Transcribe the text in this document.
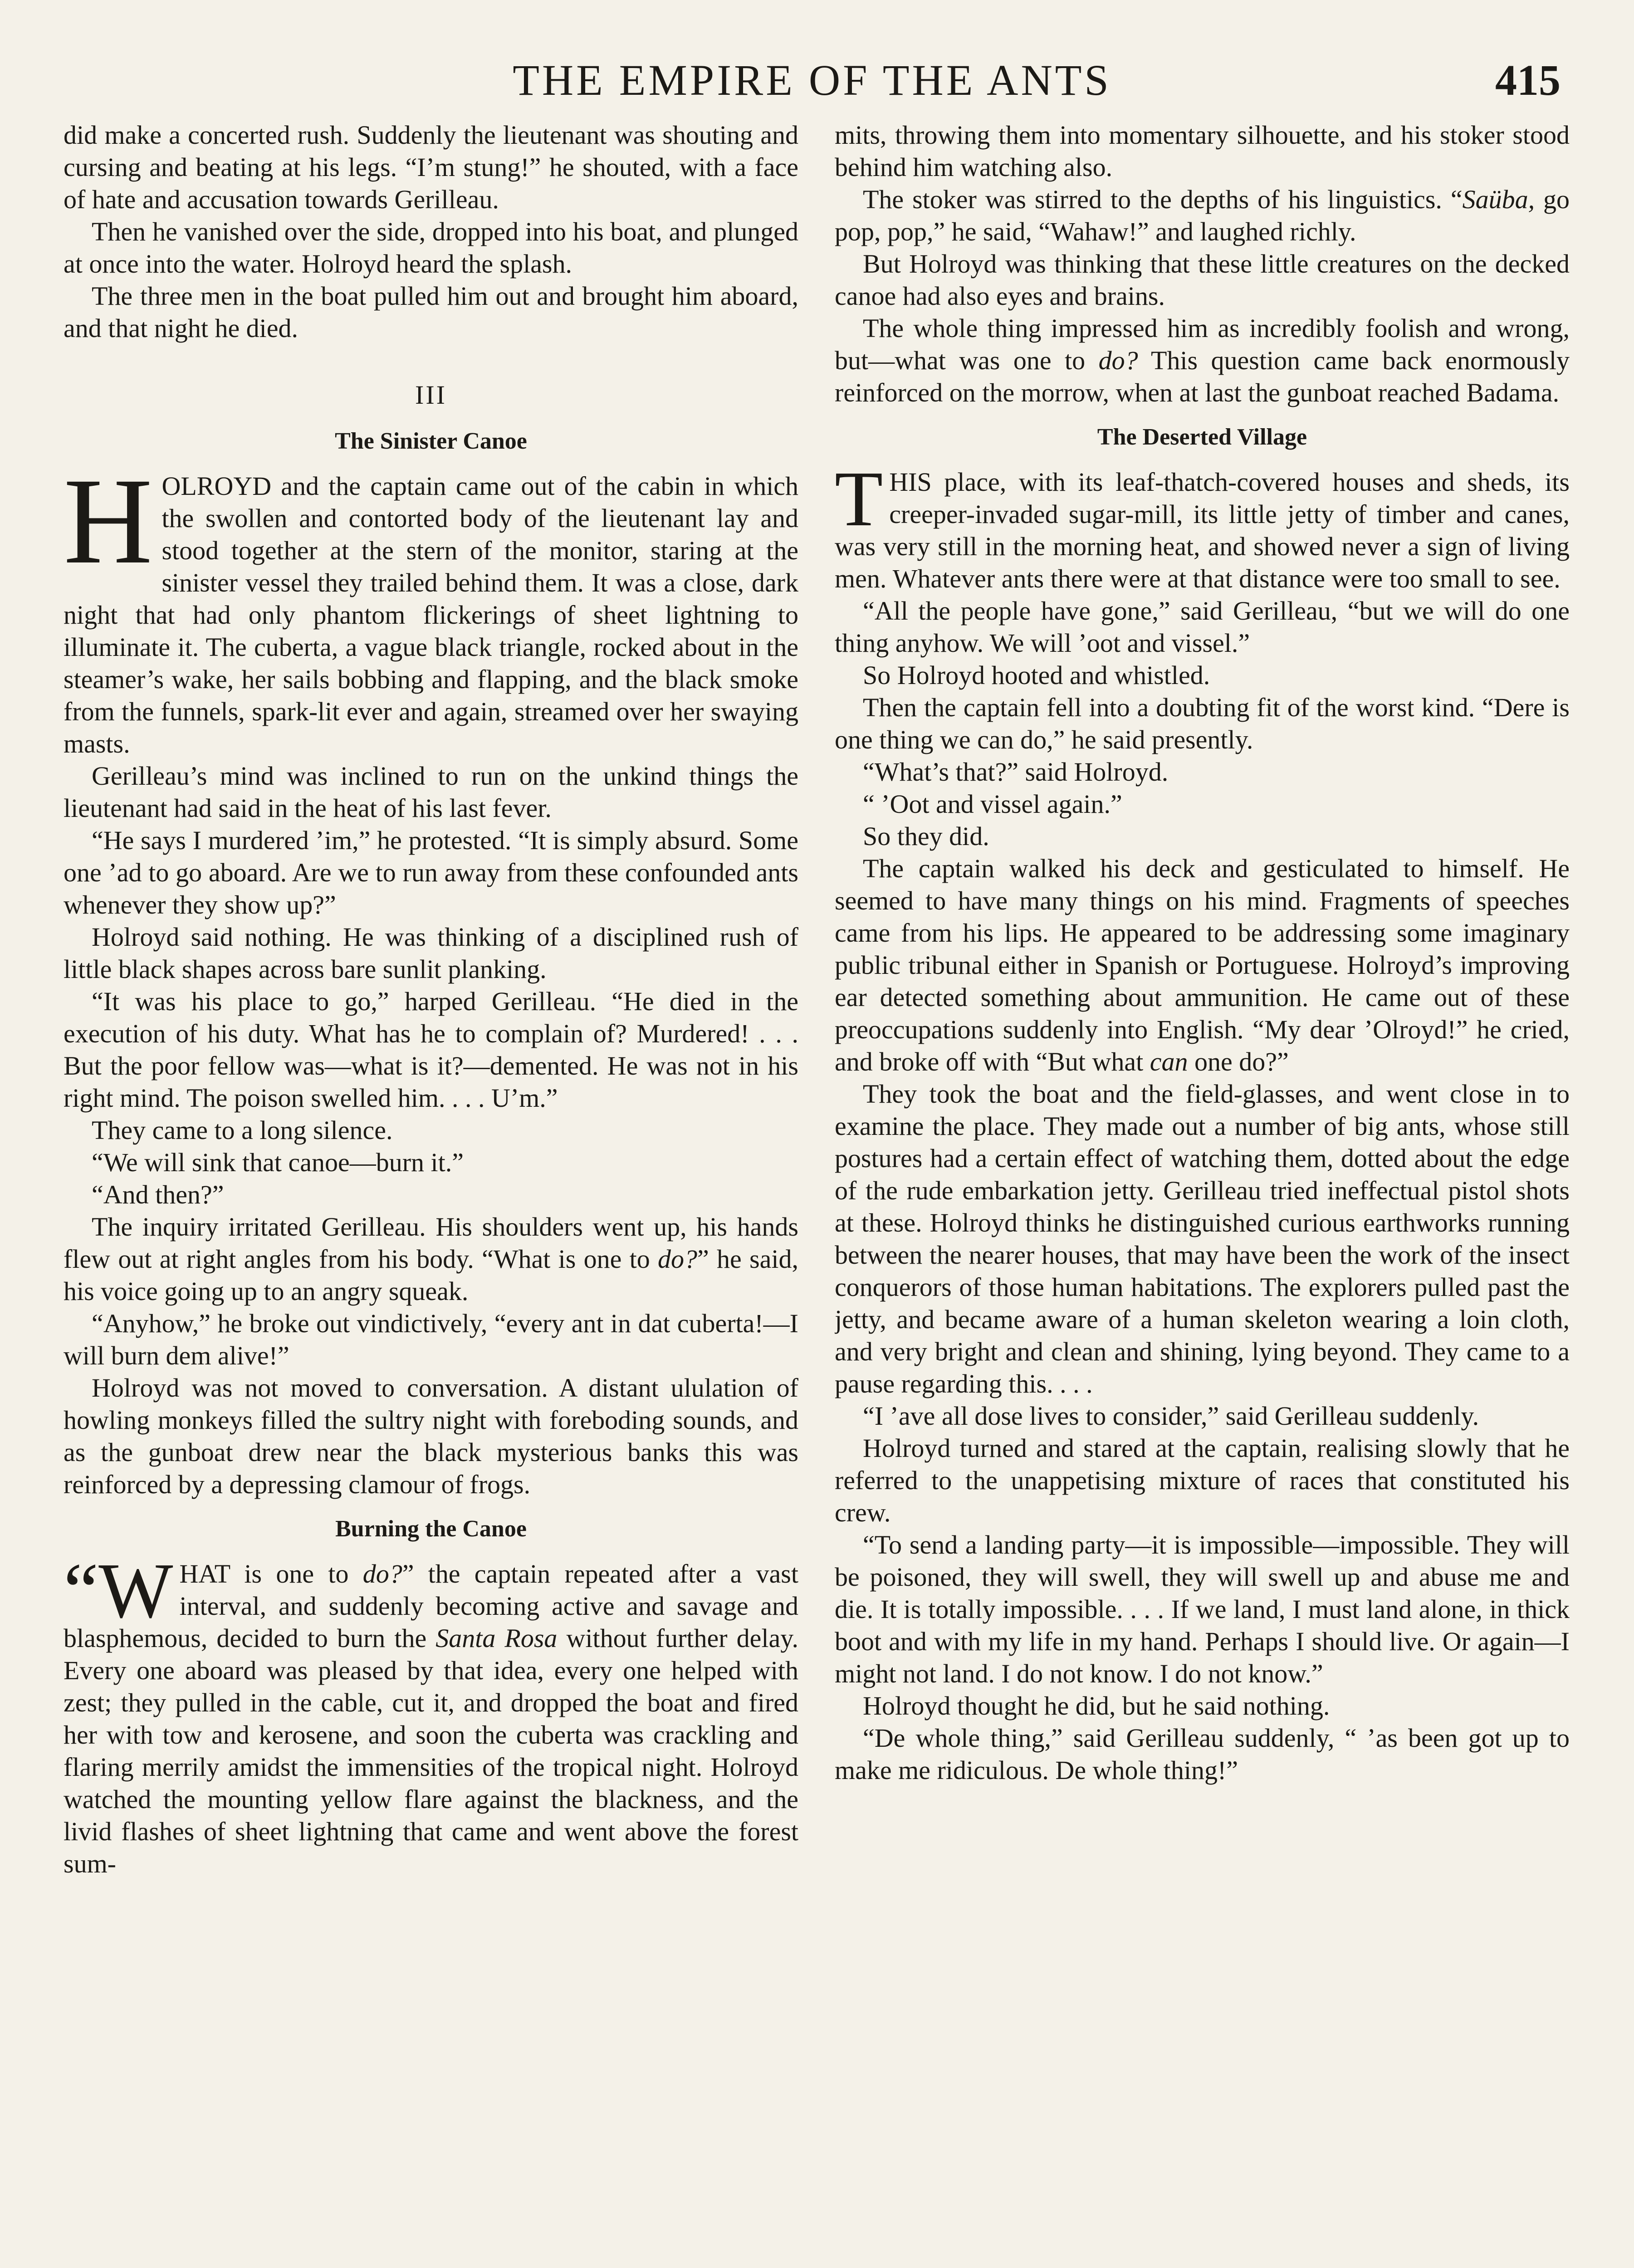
THE EMPIRE OF THE ANTS	415

did make a concerted rush. Suddenly the lieutenant was shouting and cursing and beating at his legs. “I’m stung!” he shouted, with a face of hate and accusation towards Gerilleau.

Then he vanished over the side, dropped into his boat, and plunged at once into the water. Holroyd heard the splash.

The three men in the boat pulled him out and brought him aboard, and that night he died.

III
The Sinister Canoe

HOLROYD and the captain came out of the cabin in which the swollen and contorted body of the lieutenant lay and stood together at the stern of the monitor, staring at the sinister vessel they trailed behind them. It was a close, dark night that had only phantom flickerings of sheet lightning to illuminate it. The cuberta, a vague black triangle, rocked about in the steamer’s wake, her sails bobbing and flapping, and the black smoke from the funnels, spark-lit ever and again, streamed over her swaying masts.

Gerilleau’s mind was inclined to run on the unkind things the lieutenant had said in the heat of his last fever.

“He says I murdered ’im,” he protested. “It is simply absurd. Some one ’ad to go aboard. Are we to run away from these confounded ants whenever they show up?”

Holroyd said nothing. He was thinking of a disciplined rush of little black shapes across bare sunlit planking.

“It was his place to go,” harped Gerilleau. “He died in the execution of his duty. What has he to complain of? Murdered! . . . But the poor fellow was—what is it?—demented. He was not in his right mind. The poison swelled him. . . . U’m.”

They came to a long silence.

“We will sink that canoe—burn it.”

“And then?”

The inquiry irritated Gerilleau. His shoulders went up, his hands flew out at right angles from his body. “What is one to do?” he said, his voice going up to an angry squeak.

“Anyhow,” he broke out vindictively, “every ant in dat cuberta!—I will burn dem alive!”

Holroyd was not moved to conversation. A distant ululation of howling monkeys filled the sultry night with foreboding sounds, and as the gunboat drew near the black mysterious banks this was reinforced by a depressing clamour of frogs.

Burning the Canoe

“WHAT is one to do?” the captain repeated after a vast interval, and suddenly becoming active and savage and blasphemous, decided to burn the Santa Rosa without further delay. Every one aboard was pleased by that idea, every one helped with zest; they pulled in the cable, cut it, and dropped the boat and fired her with tow and kerosene, and soon the cuberta was crackling and flaring merrily amidst the immensities of the tropical night. Holroyd watched the mounting yellow flare against the blackness, and the livid flashes of sheet lightning that came and went above the forest sum-

mits, throwing them into momentary silhouette, and his stoker stood behind him watching also.

The stoker was stirred to the depths of his linguistics. “Saüba, go pop, pop,” he said, “Wahaw!” and laughed richly.

But Holroyd was thinking that these little creatures on the decked canoe had also eyes and brains.

The whole thing impressed him as incredibly foolish and wrong, but—what was one to do? This question came back enormously reinforced on the morrow, when at last the gunboat reached Badama.

The Deserted Village

THIS place, with its leaf-thatch-covered houses and sheds, its creeper-invaded sugar-mill, its little jetty of timber and canes, was very still in the morning heat, and showed never a sign of living men. Whatever ants there were at that distance were too small to see.

“All the people have gone,” said Gerilleau, “but we will do one thing anyhow. We will ’oot and vissel.”

So Holroyd hooted and whistled.

Then the captain fell into a doubting fit of the worst kind. “Dere is one thing we can do,” he said presently.

“What’s that?” said Holroyd.

“ ’Oot and vissel again.”

So they did.

The captain walked his deck and gesticulated to himself. He seemed to have many things on his mind. Fragments of speeches came from his lips. He appeared to be addressing some imaginary public tribunal either in Spanish or Portuguese. Holroyd’s improving ear detected something about ammunition. He came out of these preoccupations suddenly into English. “My dear ’Olroyd!” he cried, and broke off with “But what can one do?”

They took the boat and the field-glasses, and went close in to examine the place. They made out a number of big ants, whose still postures had a certain effect of watching them, dotted about the edge of the rude embarkation jetty. Gerilleau tried ineffectual pistol shots at these. Holroyd thinks he distinguished curious earthworks running between the nearer houses, that may have been the work of the insect conquerors of those human habitations. The explorers pulled past the jetty, and became aware of a human skeleton wearing a loin cloth, and very bright and clean and shining, lying beyond. They came to a pause regarding this. . . .

“I ’ave all dose lives to consider,” said Gerilleau suddenly.

Holroyd turned and stared at the captain, realising slowly that he referred to the unappetising mixture of races that constituted his crew.

“To send a landing party—it is impossible—impossible. They will be poisoned, they will swell, they will swell up and abuse me and die. It is totally impossible. . . . If we land, I must land alone, in thick boot and with my life in my hand. Perhaps I should live. Or again—I might not land. I do not know. I do not know.”

Holroyd thought he did, but he said nothing.

“De whole thing,” said Gerilleau suddenly, “ ’as been got up to make me ridiculous. De whole thing!”
